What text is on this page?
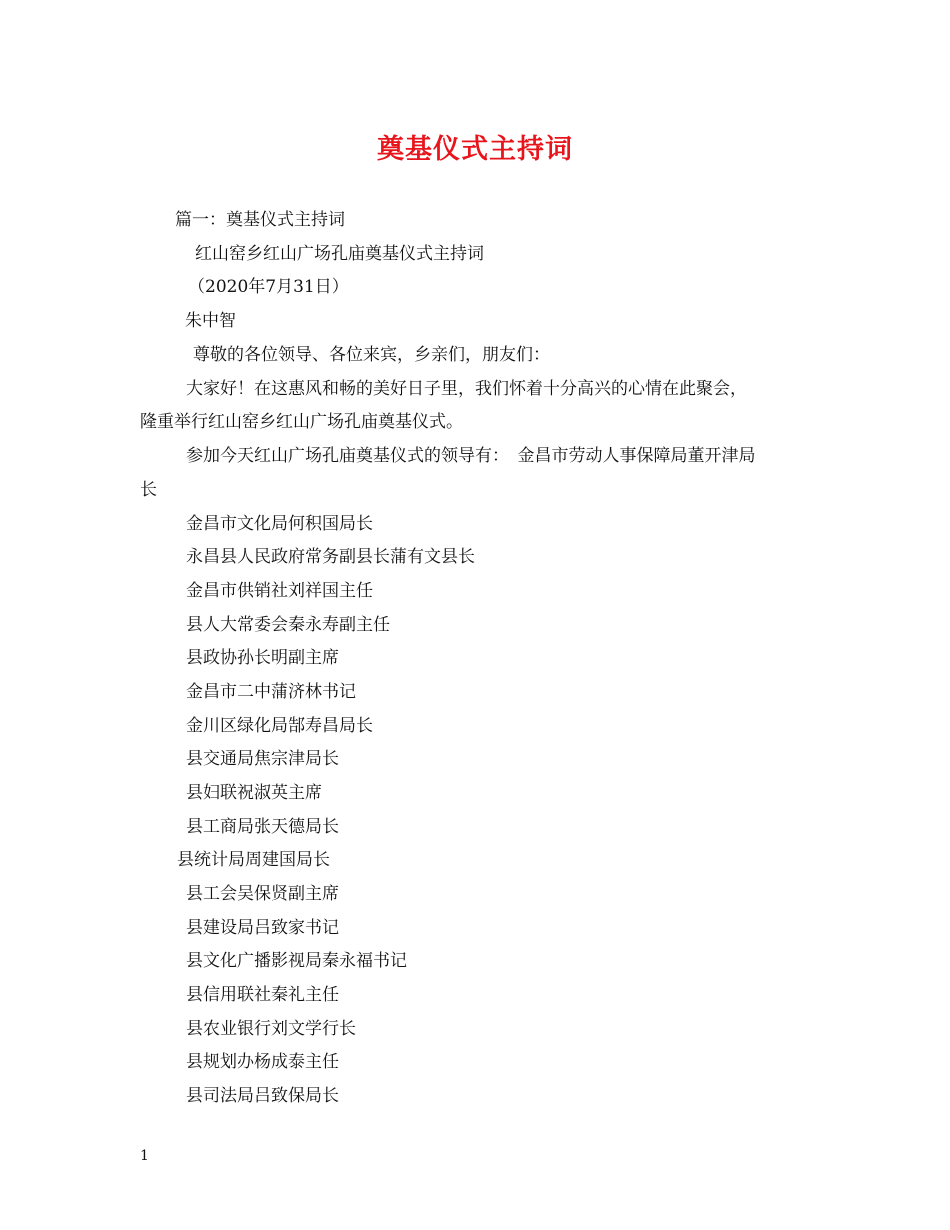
奠基仪式主持词

篇一：奠基仪式主持词

红山窑乡红山广场孔庙奠基仪式主持词

（2020年7月31日）

朱中智

尊敬的各位领导、各位来宾，乡亲们，朋友们：

大家好！在这惠风和畅的美好日子里，我们怀着十分高兴的心情在此聚会，

隆重举行红山窑乡红山广场孔庙奠基仪式。

参加今天红山广场孔庙奠基仪式的领导有：　金昌市劳动人事保障局董开津局

长

金昌市文化局何积国局长

永昌县人民政府常务副县长蒲有文县长

金昌市供销社刘祥国主任

县人大常委会秦永寿副主任

县政协孙长明副主席

金昌市二中蒲济林书记

金川区绿化局郜寿昌局长

县交通局焦宗津局长

县妇联祝淑英主席

县工商局张天德局长

县统计局周建国局长

县工会吴保贤副主席

县建设局吕致家书记

县文化广播影视局秦永福书记

县信用联社秦礼主任

县农业银行刘文学行长

县规划办杨成泰主任

县司法局吕致保局长

1
